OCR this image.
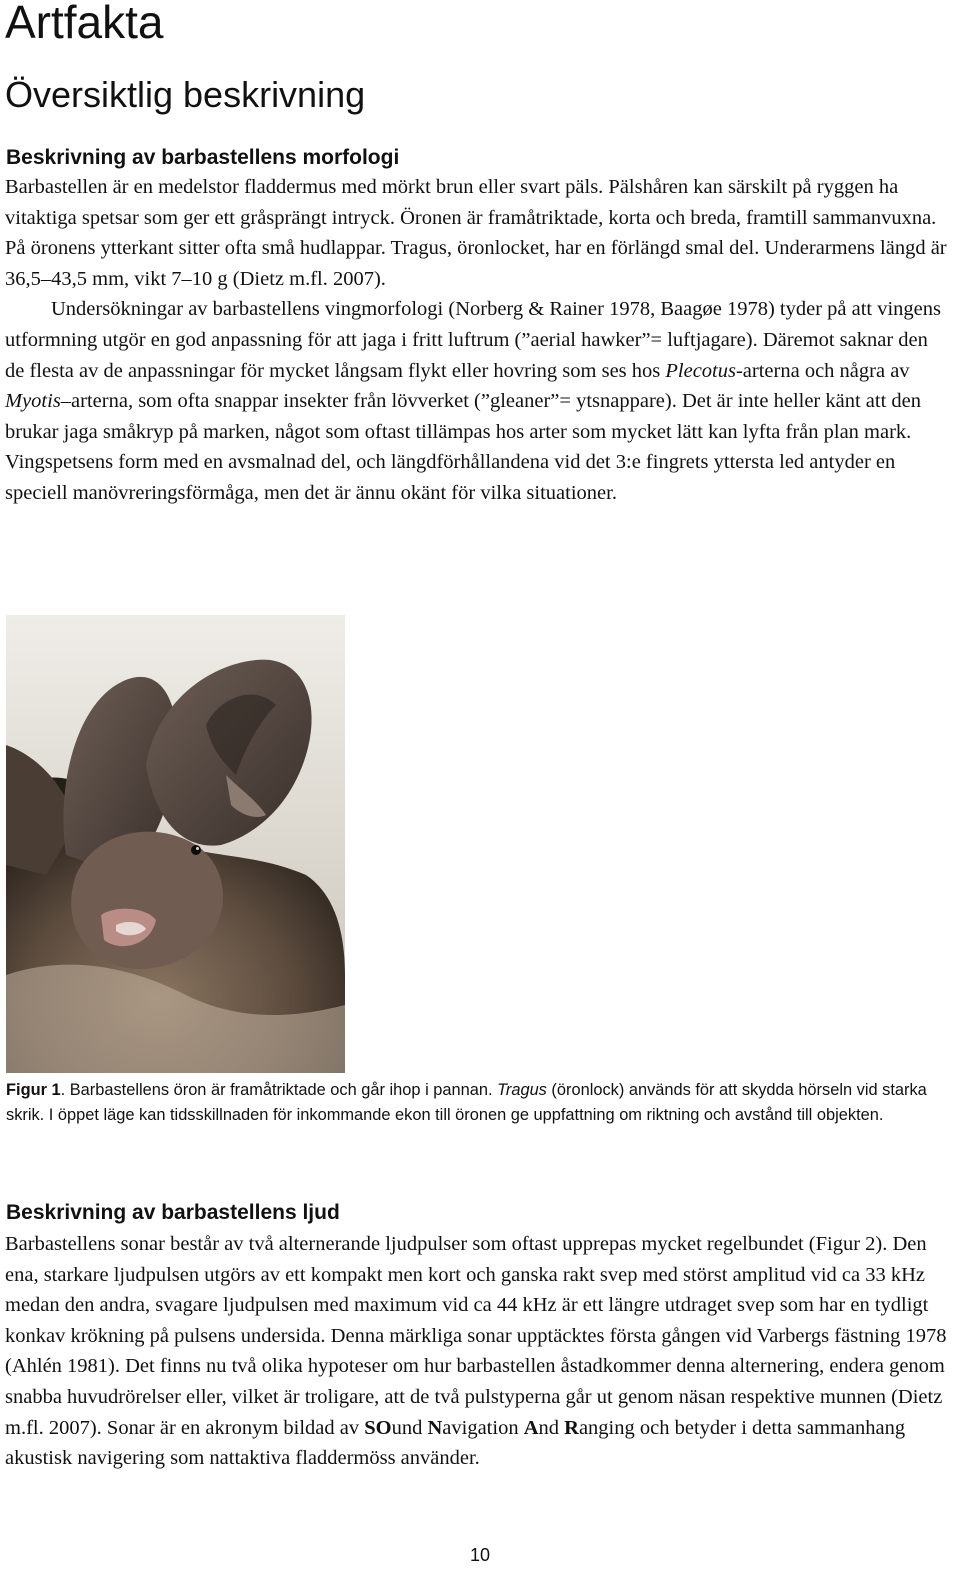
Artfakta
Översiktlig beskrivning
Beskrivning av barbastellens morfologi

Barbastellen är en medelstor fladdermus med mörkt brun eller svart päls. Pälshåren kan särskilt på ryggen ha vitaktiga spetsar som ger ett gråsprängt intryck. Öronen är framåtriktade, korta och breda, framtill sammanvuxna. På öronens ytterkant sitter ofta små hudlappar. Tragus, öronlocket, har en förlängd smal del. Underarmens längd är 36,5–43,5 mm, vikt 7–10 g (Dietz m.fl. 2007).

Undersökningar av barbastellens vingmorfologi (Norberg & Rainer 1978, Baagøe 1978) tyder på att vingens utformning utgör en god anpassning för att jaga i fritt luftrum (”aerial hawker”= luftjagare). Däremot saknar den de flesta av de anpassningar för mycket långsam flykt eller hovring som ses hos Plecotus-arterna och några av Myotis–arterna, som ofta snappar insekter från lövverket (”gleaner”= ytsnappare). Det är inte heller känt att den brukar jaga småkryp på marken, något som oftast tillämpas hos arter som mycket lätt kan lyfta från plan mark. Vingspetsens form med en avsmalnad del, och längdförhållandena vid det 3:e fingrets yttersta led antyder en speciell manövreringsförmåga, men det är ännu okänt för vilka situationer.

Figur 1. Barbastellens öron är framåtriktade och går ihop i pannan. Tragus (öronlock) används för att skydda hörseln vid starka skrik. I öppet läge kan tidsskillnaden för inkommande ekon till öronen ge uppfattning om riktning och avstånd till objekten.
Beskrivning av barbastellens ljud

Barbastellens sonar består av två alternerande ljudpulser som oftast upprepas mycket regelbundet (Figur 2). Den ena, starkare ljudpulsen utgörs av ett kompakt men kort och ganska rakt svep med störst amplitud vid ca 33 kHz medan den andra, svagare ljudpulsen med maximum vid ca 44 kHz är ett längre utdraget svep som har en tydligt konkav krökning på pulsens undersida. Denna märkliga sonar upptäcktes första gången vid Varbergs fästning 1978 (Ahlén 1981). Det finns nu två olika hypoteser om hur barbastellen åstadkommer denna alternering, endera genom snabba huvudrörelser eller, vilket är troligare, att de två pulstyperna går ut genom näsan respektive munnen (Dietz m.fl. 2007). Sonar är en akronym bildad av SOund Navigation And Ranging och betyder i detta sammanhang akustisk navigering som nattaktiva fladdermöss använder.

10
